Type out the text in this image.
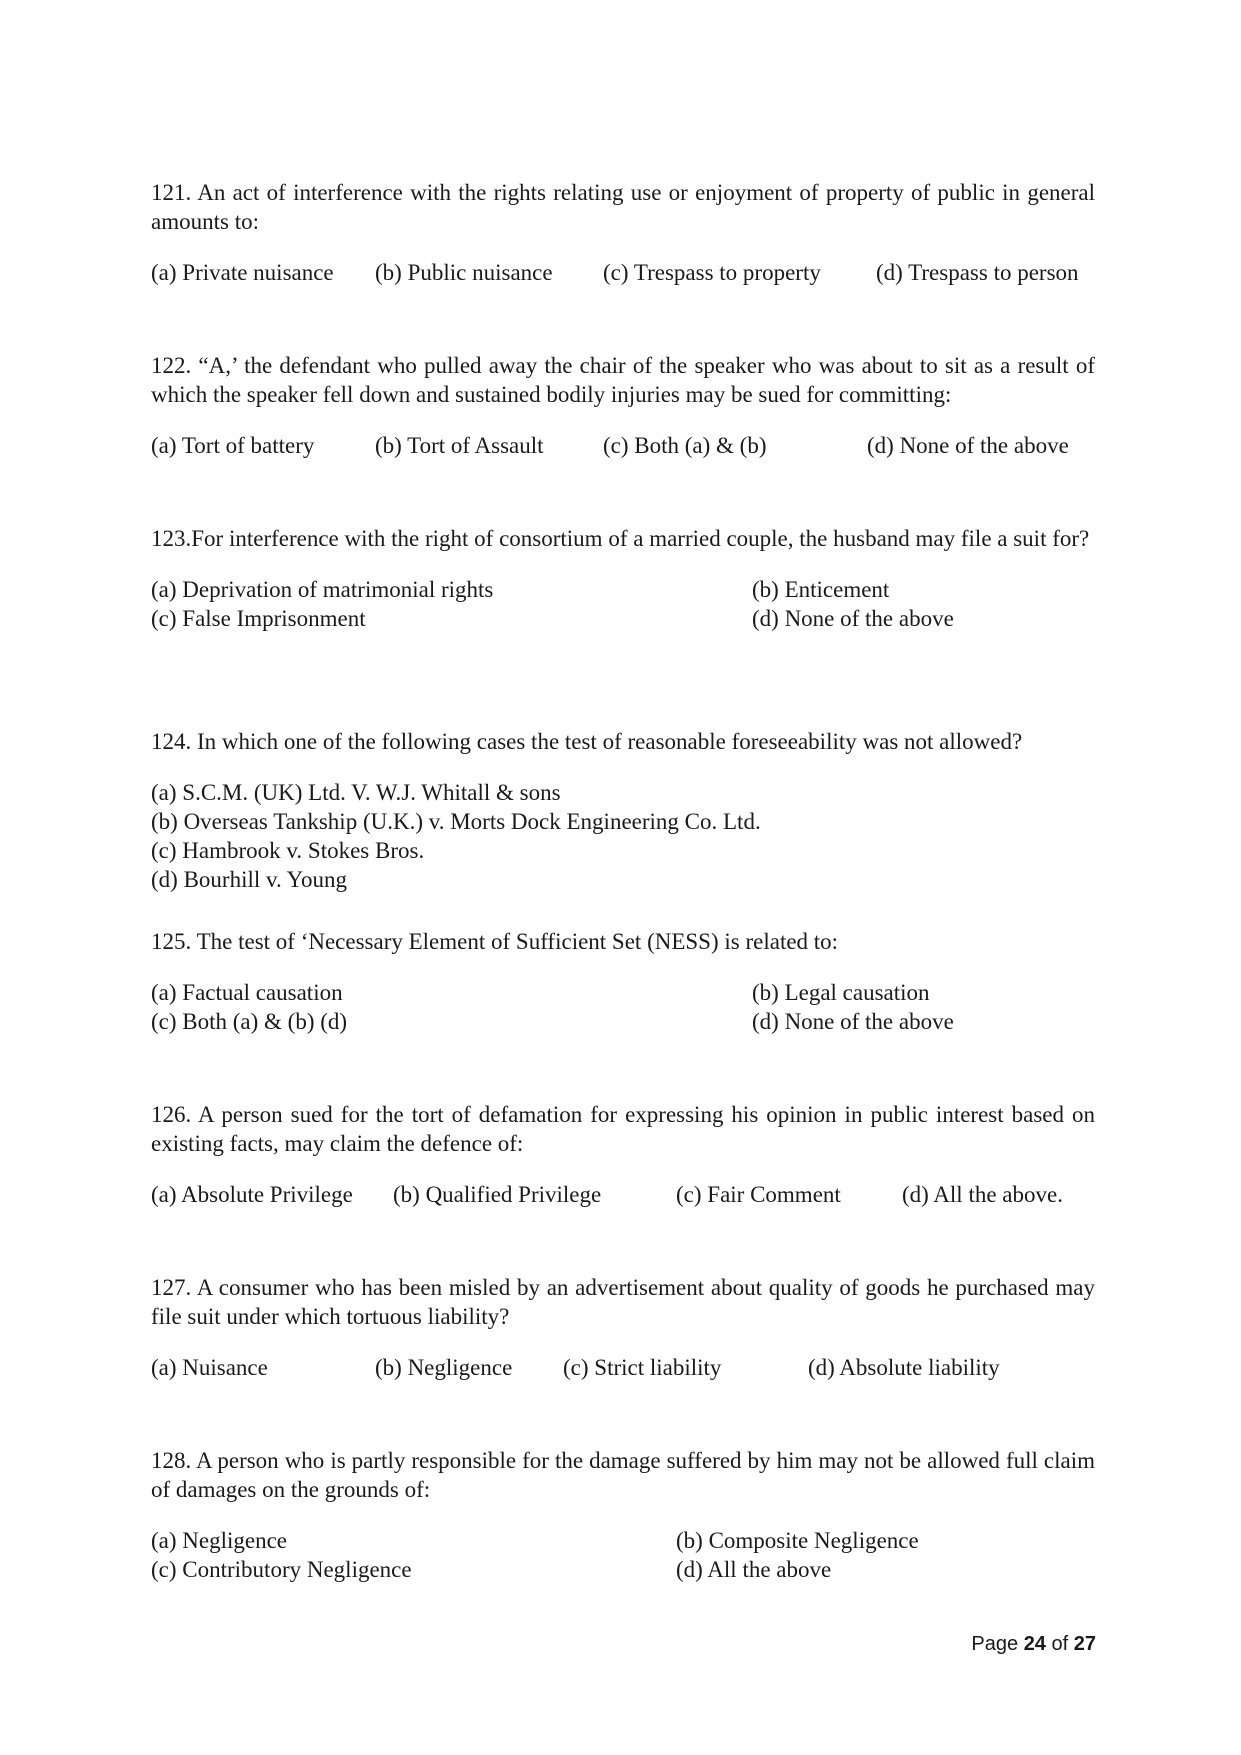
121. An act of interference with the rights relating use or enjoyment of property of public in general amounts to:

(a) Private nuisance (b) Public nuisance (c) Trespass to property (d) Trespass to person

122. “A,’ the defendant who pulled away the chair of the speaker who was about to sit as a result of which the speaker fell down and sustained bodily injuries may be sued for committing:

(a) Tort of battery	(b) Tort of Assault	(c) Both (a) & (b)	(d) None of the above

123.For interference with the right of consortium of a married couple, the husband may file a suit for?

(a) Deprivation of matrimonial rights	(b) Enticement
(c) False Imprisonment	(d) None of the above

124. In which one of the following cases the test of reasonable foreseeability was not allowed?

(a) S.C.M. (UK) Ltd. V. W.J. Whitall & sons
(b) Overseas Tankship (U.K.) v. Morts Dock Engineering Co. Ltd.
(c) Hambrook v. Stokes Bros.
(d) Bourhill v. Young

125. The test of ‘Necessary Element of Sufficient Set (NESS) is related to:

(a) Factual causation	(b) Legal causation
(c) Both (a) & (b) (d)	(d) None of the above

126. A person sued for the tort of defamation for expressing his opinion in public interest based on existing facts, may claim the defence of:

(a) Absolute Privilege (b) Qualified Privilege	(c) Fair Comment	(d) All the above.

127. A consumer who has been misled by an advertisement about quality of goods he purchased may file suit under which tortuous liability?

(a) Nuisance	(b) Negligence (c) Strict liability	(d) Absolute liability

128. A person who is partly responsible for the damage suffered by him may not be allowed full claim of damages on the grounds of:

(a) Negligence	(b) Composite Negligence
(c) Contributory Negligence	(d) All the above
Page 24 of 27
